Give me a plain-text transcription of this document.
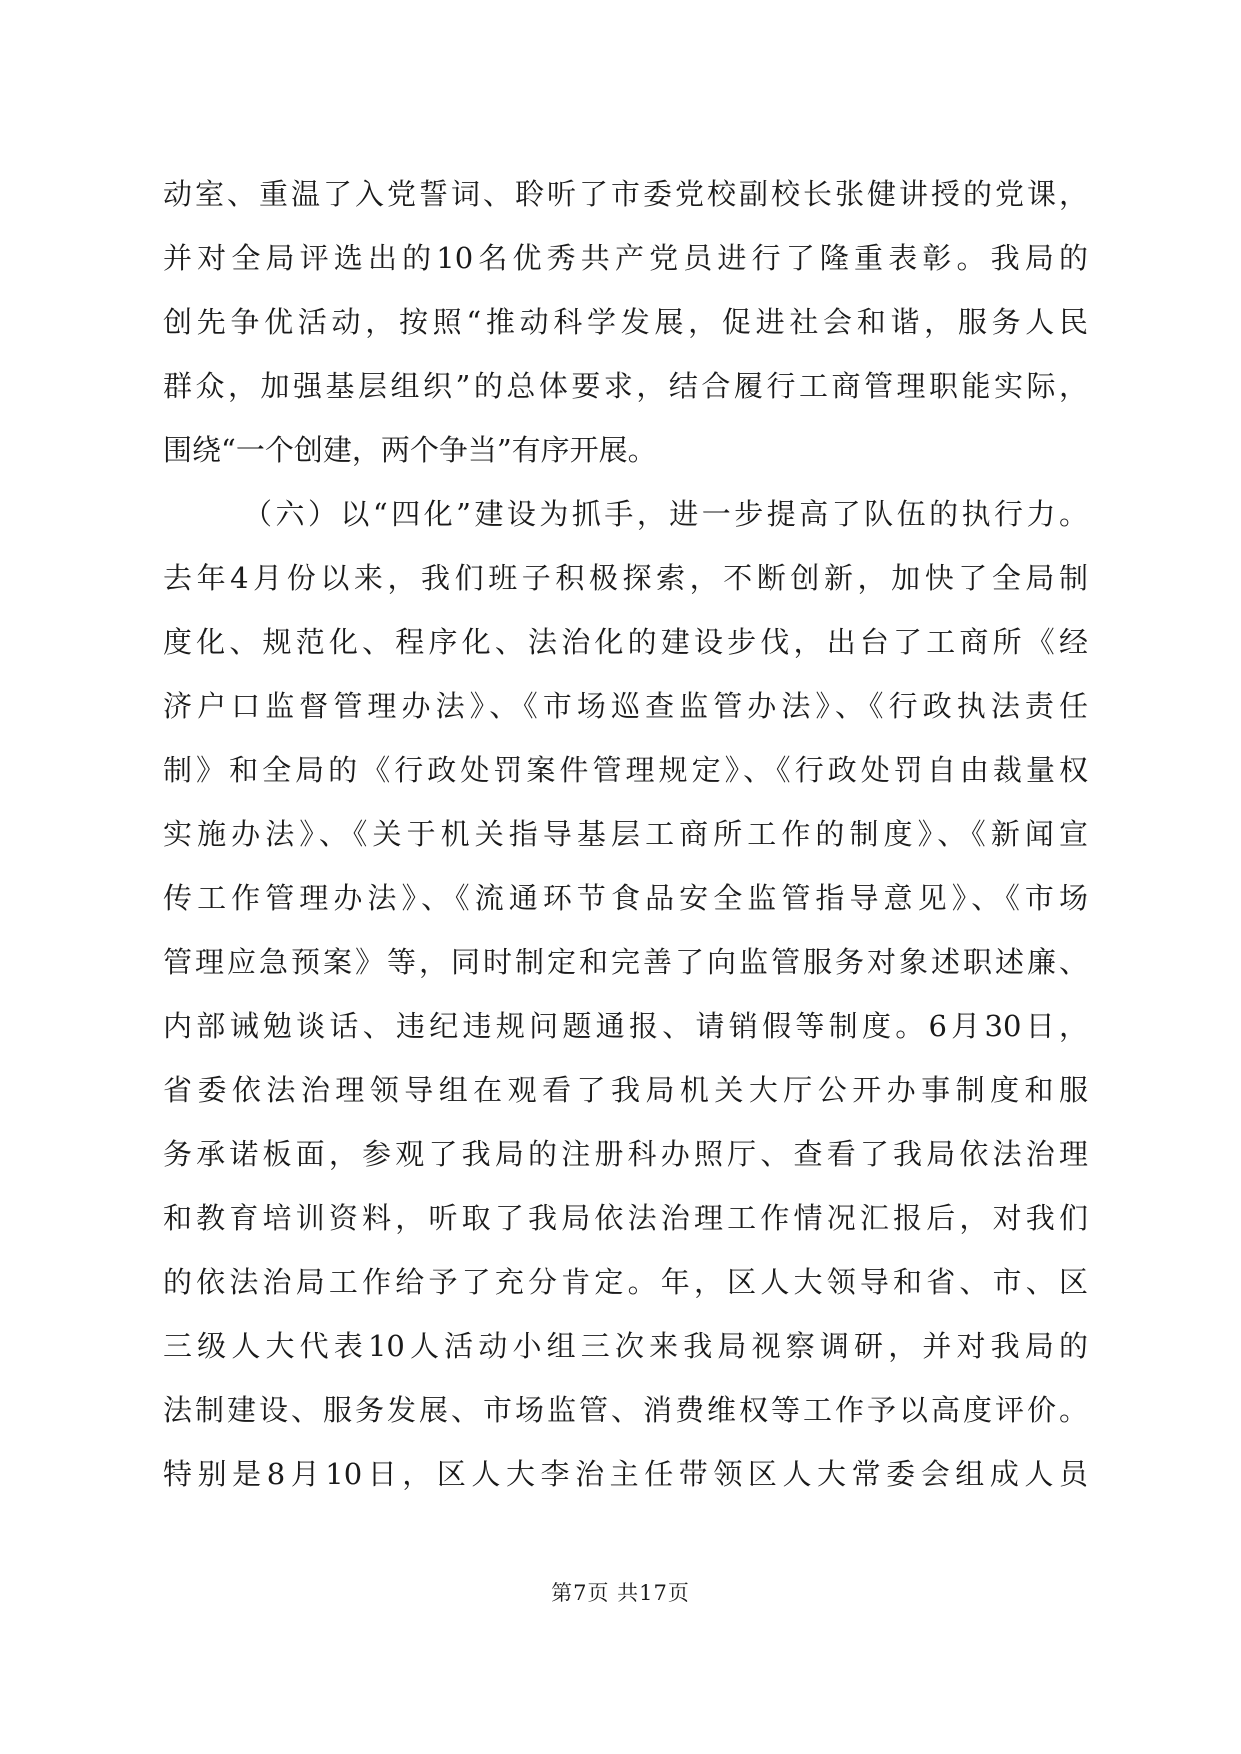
动室、重温了入党誓词、聆听了市委党校副校长张健讲授的党课，
并对全局评选出的10名优秀共产党员进行了隆重表彰。我局的
创先争优活动，按照“推动科学发展，促进社会和谐，服务人民
群众，加强基层组织”的总体要求，结合履行工商管理职能实际，
围绕“一个创建，两个争当”有序开展。
（六）以“四化”建设为抓手，进一步提高了队伍的执行力。
去年4月份以来，我们班子积极探索，不断创新，加快了全局制
度化、规范化、程序化、法治化的建设步伐，出台了工商所《经
济户口监督管理办法》、《市场巡查监管办法》、《行政执法责任
制》和全局的《行政处罚案件管理规定》、《行政处罚自由裁量权
实施办法》、《关于机关指导基层工商所工作的制度》、《新闻宣
传工作管理办法》、《流通环节食品安全监管指导意见》、《市场
管理应急预案》等，同时制定和完善了向监管服务对象述职述廉、
内部诫勉谈话、违纪违规问题通报、请销假等制度。6月30日，
省委依法治理领导组在观看了我局机关大厅公开办事制度和服
务承诺板面，参观了我局的注册科办照厅、查看了我局依法治理
和教育培训资料，听取了我局依法治理工作情况汇报后，对我们
的依法治局工作给予了充分肯定。年，区人大领导和省、市、区
三级人大代表10人活动小组三次来我局视察调研，并对我局的
法制建设、服务发展、市场监管、消费维权等工作予以高度评价。
特别是8月10日，区人大李治主任带领区人大常委会组成人员
第7页 共17页
